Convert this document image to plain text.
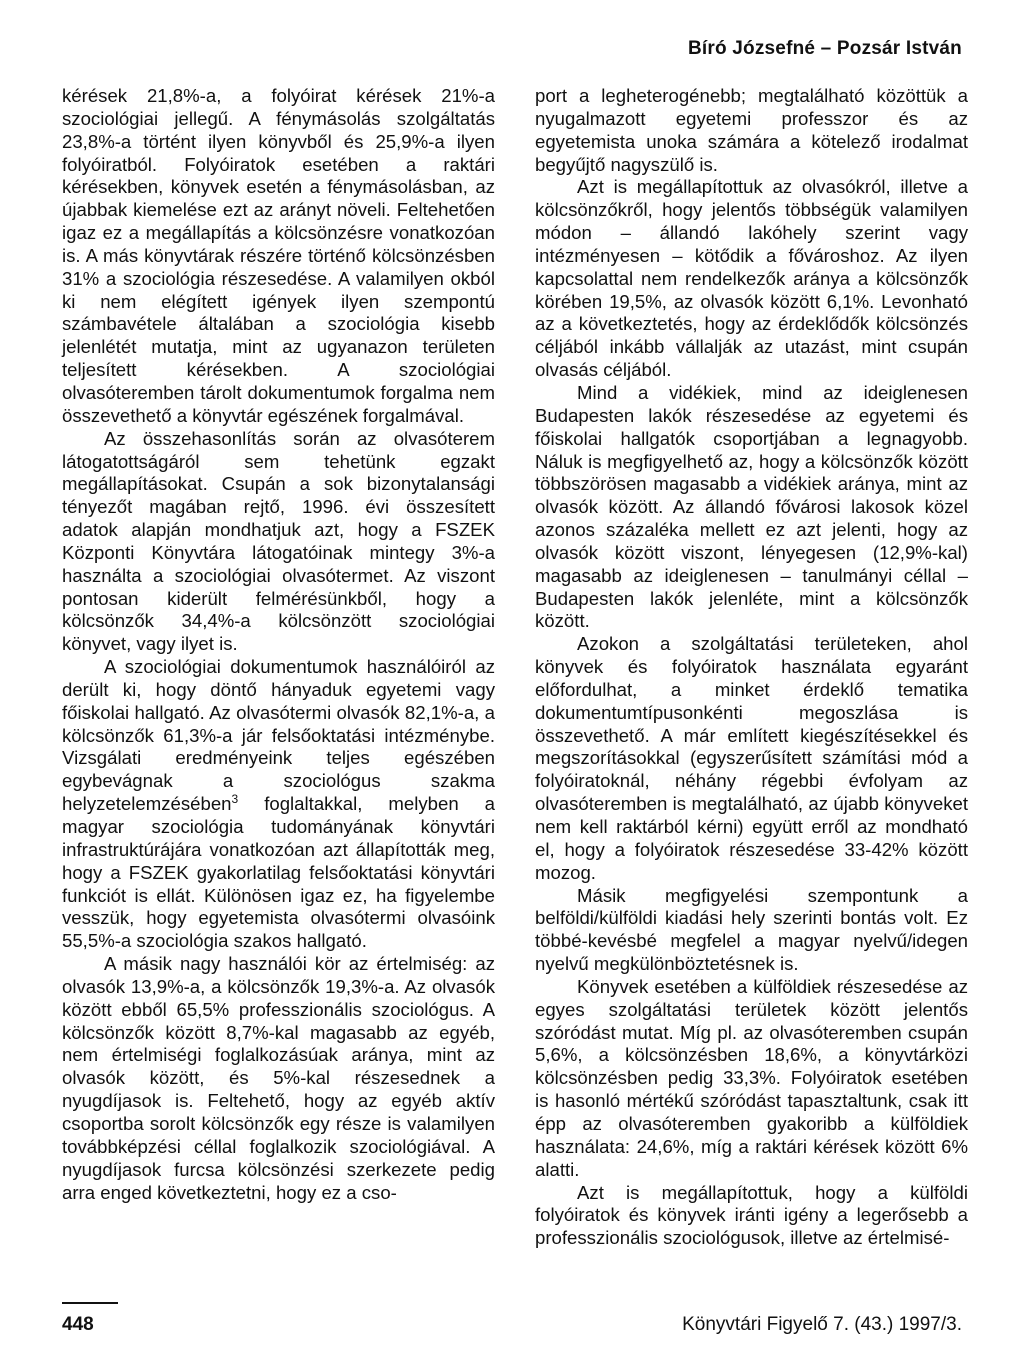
Bíró Józsefné – Pozsár István

kérések 21,8%-a, a folyóirat kérések 21%-a szociológiai jellegű. A fénymásolás szolgáltatás 23,8%-a történt ilyen könyvből és 25,9%-a ilyen folyóiratból. Folyóiratok esetében a raktári kérésekben, könyvek esetén a fénymásolásban, az újabbak kiemelése ezt az arányt növeli. Feltehetően igaz ez a megállapítás a kölcsönzésre vonatkozóan is. A más könyvtárak részére történő kölcsönzésben 31% a szociológia részesedése. A valamilyen okból ki nem elégített igények ilyen szempontú számbavétele általában a szociológia kisebb jelenlétét mutatja, mint az ugyanazon területen teljesített kérésekben. A szociológiai olvasóteremben tárolt dokumentumok forgalma nem összevethető a könyvtár egészének forgalmával.

Az összehasonlítás során az olvasóterem látogatottságáról sem tehetünk egzakt megállapításokat. Csupán a sok bizonytalansági tényezőt magában rejtő, 1996. évi összesített adatok alapján mondhatjuk azt, hogy a FSZEK Központi Könyvtára látogatóinak mintegy 3%-a használta a szociológiai olvasótermet. Az viszont pontosan kiderült felmérésünkből, hogy a kölcsönzők 34,4%-a kölcsönzött szociológiai könyvet, vagy ilyet is.

A szociológiai dokumentumok használóiról az derült ki, hogy döntő hányaduk egyetemi vagy főiskolai hallgató. Az olvasótermi olvasók 82,1%-a, a kölcsönzők 61,3%-a jár felsőoktatási intézménybe. Vizsgálati eredményeink teljes egészében egybevágnak a szociológus szakma helyzetelemzésében$^3$ foglaltakkal, melyben a magyar szociológia tudományának könyvtári infrastruktúrájára vonatkozóan azt állapították meg, hogy a FSZEK gyakorlatilag felsőoktatási könyvtári funkciót is ellát. Különösen igaz ez, ha figyelembe vesszük, hogy egyetemista olvasótermi olvasóink 55,5%-a szociológia szakos hallgató.

A másik nagy használói kör az értelmiség: az olvasók 13,9%-a, a kölcsönzők 19,3%-a. Az olvasók között ebből 65,5% professzionális szociológus. A kölcsönzők között 8,7%-kal magasabb az egyéb, nem értelmiségi foglalkozásúak aránya, mint az olvasók között, és 5%-kal részesednek a nyugdíjasok is. Feltehető, hogy az egyéb aktív csoportba sorolt kölcsönzők egy része is valamilyen továbbképzési céllal foglalkozik szociológiával. A nyugdíjasok furcsa kölcsönzési szerkezete pedig arra enged következtetni, hogy ez a cso-

port a legheterogénebb; megtalálható közöttük a nyugalmazott egyetemi professzor és az egyetemista unoka számára a kötelező irodalmat begyűjtő nagyszülő is.

Azt is megállapítottuk az olvasókról, illetve a kölcsönzőkről, hogy jelentős többségük valamilyen módon – állandó lakóhely szerint vagy intézményesen – kötődik a fővároshoz. Az ilyen kapcsolattal nem rendelkezők aránya a kölcsönzők körében 19,5%, az olvasók között 6,1%. Levonható az a következtetés, hogy az érdeklődők kölcsönzés céljából inkább vállalják az utazást, mint csupán olvasás céljából.

Mind a vidékiek, mind az ideiglenesen Budapesten lakók részesedése az egyetemi és főiskolai hallgatók csoportjában a legnagyobb. Náluk is megfigyelhető az, hogy a kölcsönzők között többszörösen magasabb a vidékiek aránya, mint az olvasók között. Az állandó fővárosi lakosok közel azonos százaléka mellett ez azt jelenti, hogy az olvasók között viszont, lényegesen (12,9%-kal) magasabb az ideiglenesen – tanulmányi céllal – Budapesten lakók jelenléte, mint a kölcsönzők között.

Azokon a szolgáltatási területeken, ahol könyvek és folyóiratok használata egyaránt előfordulhat, a minket érdeklő tematika dokumentumtípusonkénti megoszlása is összevethető. A már említett kiegészítésekkel és megszorításokkal (egyszerűsített számítási mód a folyóiratoknál, néhány régebbi évfolyam az olvasóteremben is megtalálható, az újabb könyveket nem kell raktárból kérni) együtt erről az mondható el, hogy a folyóiratok részesedése 33-42% között mozog.

Másik megfigyelési szempontunk a belföldi/külföldi kiadási hely szerinti bontás volt. Ez többé-kevésbé megfelel a magyar nyelvű/idegen nyelvű megkülönböztetésnek is.

Könyvek esetében a külföldiek részesedése az egyes szolgáltatási területek között jelentős szóródást mutat. Míg pl. az olvasóteremben csupán 5,6%, a kölcsönzésben 18,6%, a könyvtárközi kölcsönzésben pedig 33,3%. Folyóiratok esetében is hasonló mértékű szóródást tapasztaltunk, csak itt épp az olvasóteremben gyakoribb a külföldiek használata: 24,6%, míg a raktári kérések között 6% alatti.

Azt is megállapítottuk, hogy a külföldi folyóiratok és könyvek iránti igény a legerősebb a professzionális szociológusok, illetve az értelmisé-

448	Könyvtári Figyelő 7. (43.) 1997/3.
